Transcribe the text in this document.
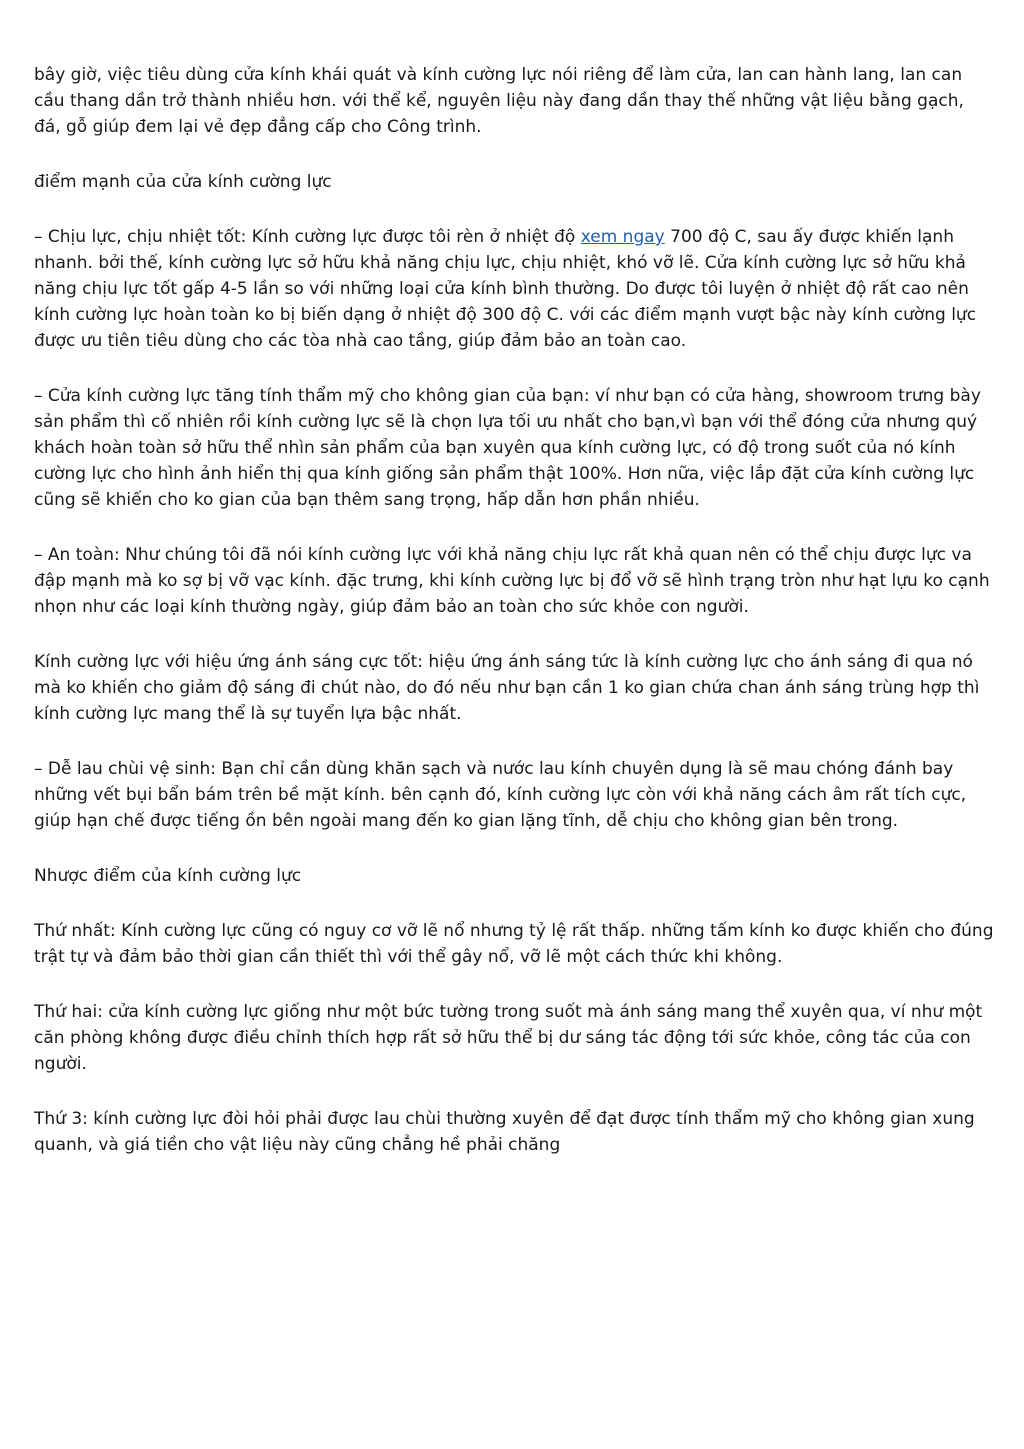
bây giờ, việc tiêu dùng cửa kính khái quát và kính cường lực nói riêng để làm cửa, lan can hành lang, lan can cầu thang dần trở thành nhiều hơn. với thể kể, nguyên liệu này đang dần thay thế những vật liệu bằng gạch, đá, gỗ giúp đem lại vẻ đẹp đẳng cấp cho Công trình.

điểm mạnh của cửa kính cường lực

– Chịu lực, chịu nhiệt tốt: Kính cường lực được tôi rèn ở nhiệt độ xem ngay 700 độ C, sau ấy được khiến lạnh nhanh. bởi thế, kính cường lực sở hữu khả năng chịu lực, chịu nhiệt, khó vỡ lẽ. Cửa kính cường lực sở hữu khả năng chịu lực tốt gấp 4-5 lần so với những loại cửa kính bình thường. Do được tôi luyện ở nhiệt độ rất cao nên kính cường lực hoàn toàn ko bị biến dạng ở nhiệt độ 300 độ C. với các điểm mạnh vượt bậc này kính cường lực được ưu tiên tiêu dùng cho các tòa nhà cao tầng, giúp đảm bảo an toàn cao.

– Cửa kính cường lực tăng tính thẩm mỹ cho không gian của bạn: ví như bạn có cửa hàng, showroom trưng bày sản phẩm thì cố nhiên rồi kính cường lực sẽ là chọn lựa tối ưu nhất cho bạn,vì bạn với thể đóng cửa nhưng quý khách hoàn toàn sở hữu thể nhìn sản phẩm của bạn xuyên qua kính cường lực, có độ trong suốt của nó kính cường lực cho hình ảnh hiển thị qua kính giống sản phẩm thật 100%. Hơn nữa, việc lắp đặt cửa kính cường lực cũng sẽ khiến cho ko gian của bạn thêm sang trọng, hấp dẫn hơn phần nhiều.

– An toàn: Như chúng tôi đã nói kính cường lực với khả năng chịu lực rất khả quan nên có thể chịu được lực va đập mạnh mà ko sợ bị vỡ vạc kính. đặc trưng, khi kính cường lực bị đổ vỡ sẽ hình trạng tròn như hạt lựu ko cạnh nhọn như các loại kính thường ngày, giúp đảm bảo an toàn cho sức khỏe con người.

Kính cường lực với hiệu ứng ánh sáng cực tốt: hiệu ứng ánh sáng tức là kính cường lực cho ánh sáng đi qua nó mà ko khiến cho giảm độ sáng đi chút nào, do đó nếu như bạn cần 1 ko gian chứa chan ánh sáng trùng hợp thì kính cường lực mang thể là sự tuyển lựa bậc nhất.

– Dễ lau chùi vệ sinh: Bạn chỉ cần dùng khăn sạch và nước lau kính chuyên dụng là sẽ mau chóng đánh bay những vết bụi bẩn bám trên bề mặt kính. bên cạnh đó, kính cường lực còn với khả năng cách âm rất tích cực, giúp hạn chế được tiếng ồn bên ngoài mang đến ko gian lặng tĩnh, dễ chịu cho không gian bên trong.

Nhược điểm của kính cường lực

Thứ nhất: Kính cường lực cũng có nguy cơ vỡ lẽ nổ nhưng tỷ lệ rất thấp. những tấm kính ko được khiến cho đúng trật tự và đảm bảo thời gian cần thiết thì với thể gây nổ, vỡ lẽ một cách thức khi không.

Thứ hai: cửa kính cường lực giống như một bức tường trong suốt mà ánh sáng mang thể xuyên qua, ví như một căn phòng không được điều chỉnh thích hợp rất sở hữu thể bị dư sáng tác động tới sức khỏe, công tác của con người.

Thứ 3: kính cường lực đòi hỏi phải được lau chùi thường xuyên để đạt được tính thẩm mỹ cho không gian xung quanh, và giá tiền cho vật liệu này cũng chẳng hề phải chăng
